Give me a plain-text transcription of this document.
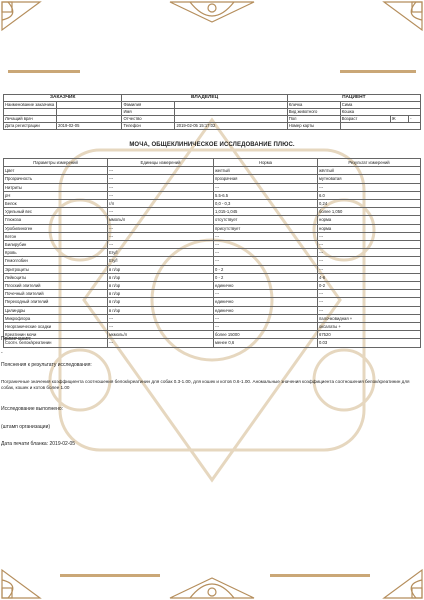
ЗАКАЗЧИК		ВЛАДЕЛЕЦ		ПАЦИЕНТ			
Наименование заказчика		Фамилия		Кличка	Сима		
		Имя		Вид животного	Кошка		
Лечащий врач		Отчество		Пол	Возраст	Ж	-
Дата регистрации	2019-02-05	Телефон	2019-02-05 15:17:02	Номер карты			
МОЧА, ОБЩЕКЛИНИЧЕСКОЕ ИССЛЕДОВАНИЕ ПЛЮС.
Параметры измерений	Единицы измерений	Норма	Результат измерений
Цвет	---	желтый	жёлтый
Прозрачность	---	прозрачная	мутноватая
Нитриты	---	---	---
pH	---	5.5-6.5	6.0
Белок	г/л	0,0 - 0,3	0,24
Удельный вес	---	1,015-1,045	более 1,050
Глюкоза	ммоль/л	отсутствует	норма
Уробилиноген	---	присутствует	норма
Кетон	---	---	---
Билирубин	---	---	---
Кровь	Ery/l	---	---
Гемоглобин	Ery/l	---	---
Эритроциты	в п/зр	0 - 2	---
Лейкоциты	в п/зр	0 - 2	4-6
Плоский эпителий	в п/зр	единично	0-2
Почечный эпителий	в п/зр	---	---
Переходный эпителий	в п/зр	единично	---
Цилиндры	в п/зр	единично	---
Микрофлора	---	---	палочковидная +
Неорганические осадки	---	---	оксалаты +
Креатинин мочи	мкмоль/л	более 15000	67520
Соотн. белок/креатинин	---	менее 0,6	0.03
Примечания:
-
Пояснения к результату исследования:
Пограничные значения коэффициента соотношения белок/креатинин для собак 0.3-1.00, для кошек и котов 0.6-1.00. Аномальные значения коэффициента соотношения белок/креатинин для собак, кошек и котов более 1.00
Исследование выполнено:
(штамп организации)
Дата печати бланка: 2019-02-05
